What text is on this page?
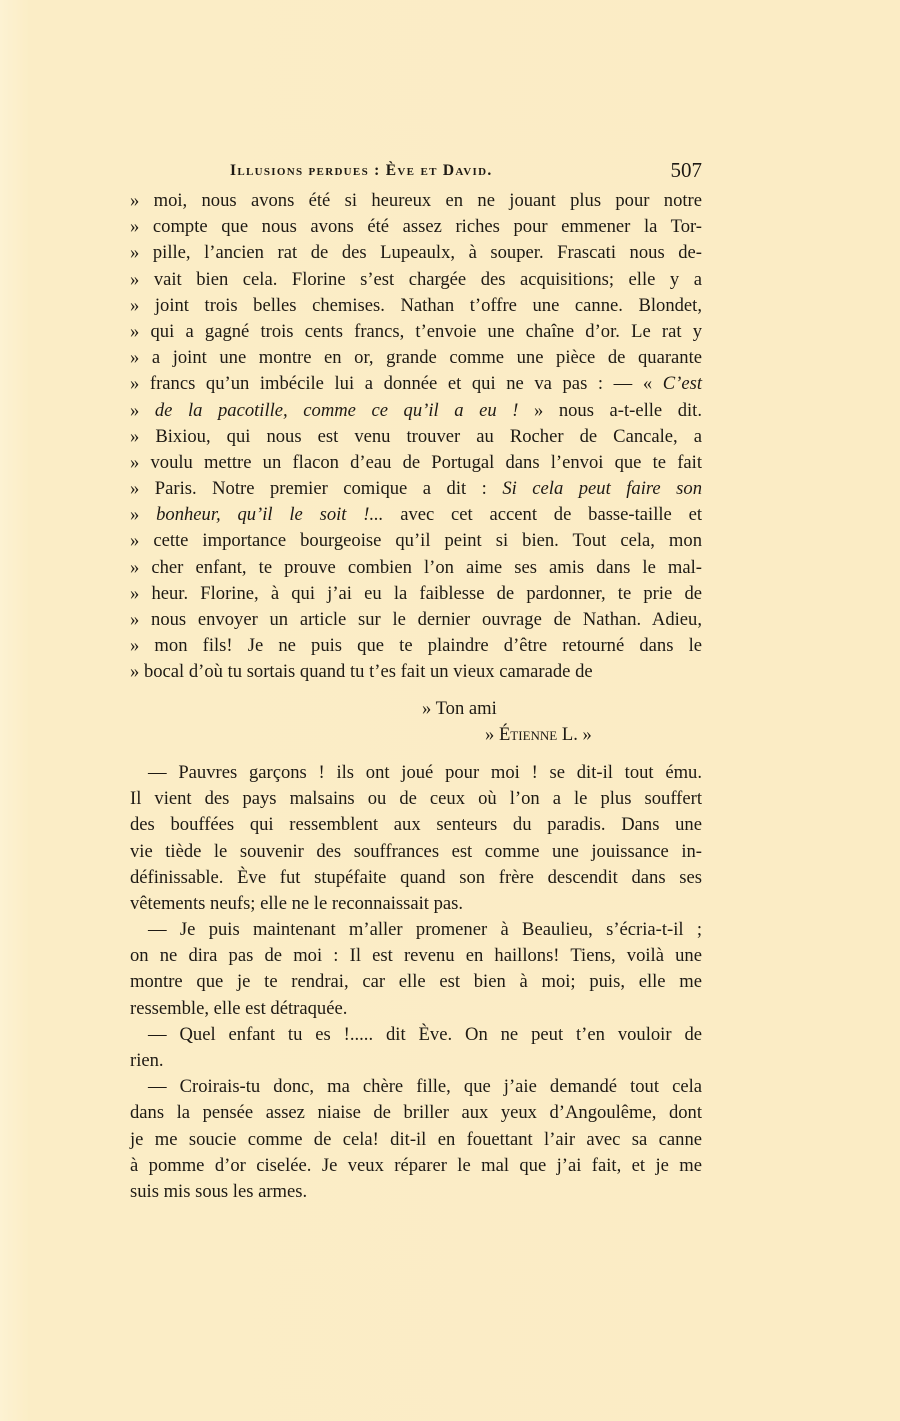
Illusions perdues : Ève et David.	507
» moi, nous avons été si heureux en ne jouant plus pour notre
» compte que nous avons été assez riches pour emmener la Tor-
» pille, l’ancien rat de des Lupeaulx, à souper. Frascati nous de-
» vait bien cela. Florine s’est chargée des acquisitions; elle y a
» joint trois belles chemises. Nathan t’offre une canne. Blondet,
» qui a gagné trois cents francs, t’envoie une chaîne d’or. Le rat y
» a joint une montre en or, grande comme une pièce de quarante
» francs qu’un imbécile lui a donnée et qui ne va pas : — « C’est
» de la pacotille, comme ce qu’il a eu ! » nous a-t-elle dit.
» Bixiou, qui nous est venu trouver au Rocher de Cancale, a
» voulu mettre un flacon d’eau de Portugal dans l’envoi que te fait
» Paris. Notre premier comique a dit : Si cela peut faire son
» bonheur, qu’il le soit !... avec cet accent de basse-taille et
» cette importance bourgeoise qu’il peint si bien. Tout cela, mon
» cher enfant, te prouve combien l’on aime ses amis dans le mal-
» heur. Florine, à qui j’ai eu la faiblesse de pardonner, te prie de
» nous envoyer un article sur le dernier ouvrage de Nathan. Adieu,
» mon fils! Je ne puis que te plaindre d’être retourné dans le
» bocal d’où tu sortais quand tu t’es fait un vieux camarade de
» Ton ami
» Étienne L. »
— Pauvres garçons ! ils ont joué pour moi ! se dit-il tout ému.
Il vient des pays malsains ou de ceux où l’on a le plus souffert
des bouffées qui ressemblent aux senteurs du paradis. Dans une
vie tiède le souvenir des souffrances est comme une jouissance in-
définissable. Ève fut stupéfaite quand son frère descendit dans ses
vêtements neufs; elle ne le reconnaissait pas.
— Je puis maintenant m’aller promener à Beaulieu, s’écria-t-il ;
on ne dira pas de moi : Il est revenu en haillons! Tiens, voilà une
montre que je te rendrai, car elle est bien à moi; puis, elle me
ressemble, elle est détraquée.
— Quel enfant tu es !..... dit Ève. On ne peut t’en vouloir de
rien.
— Croirais-tu donc, ma chère fille, que j’aie demandé tout cela
dans la pensée assez niaise de briller aux yeux d’Angoulême, dont
je me soucie comme de cela! dit-il en fouettant l’air avec sa canne
à pomme d’or ciselée. Je veux réparer le mal que j’ai fait, et je me
suis mis sous les armes.
